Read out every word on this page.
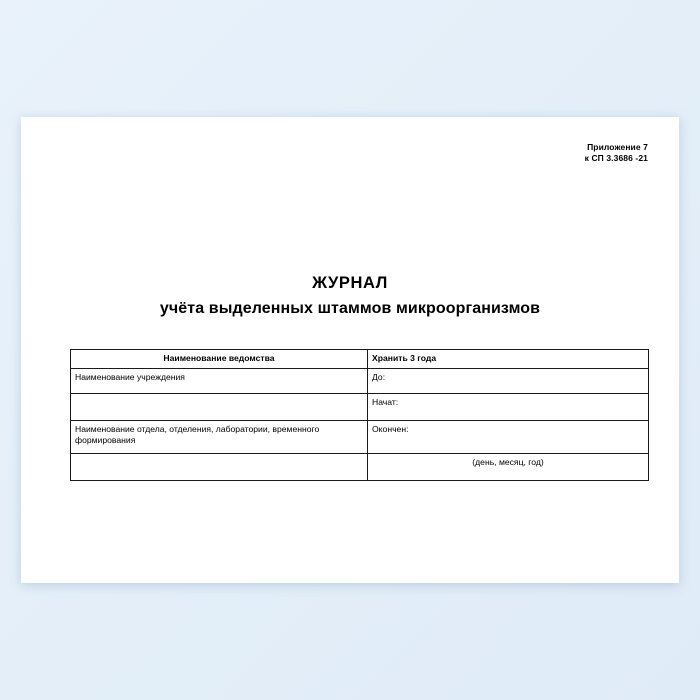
Приложение 7
к СП 3.3686 -21
ЖУРНАЛ
учёта выделенных штаммов микроорганизмов
Наименование ведомства	Хранить 3 года
Наименование учреждения	До:
	Начат:
Наименование отдела, отделения, лаборатории, временного формирования	Окончен:
	(день, месяц, год)
